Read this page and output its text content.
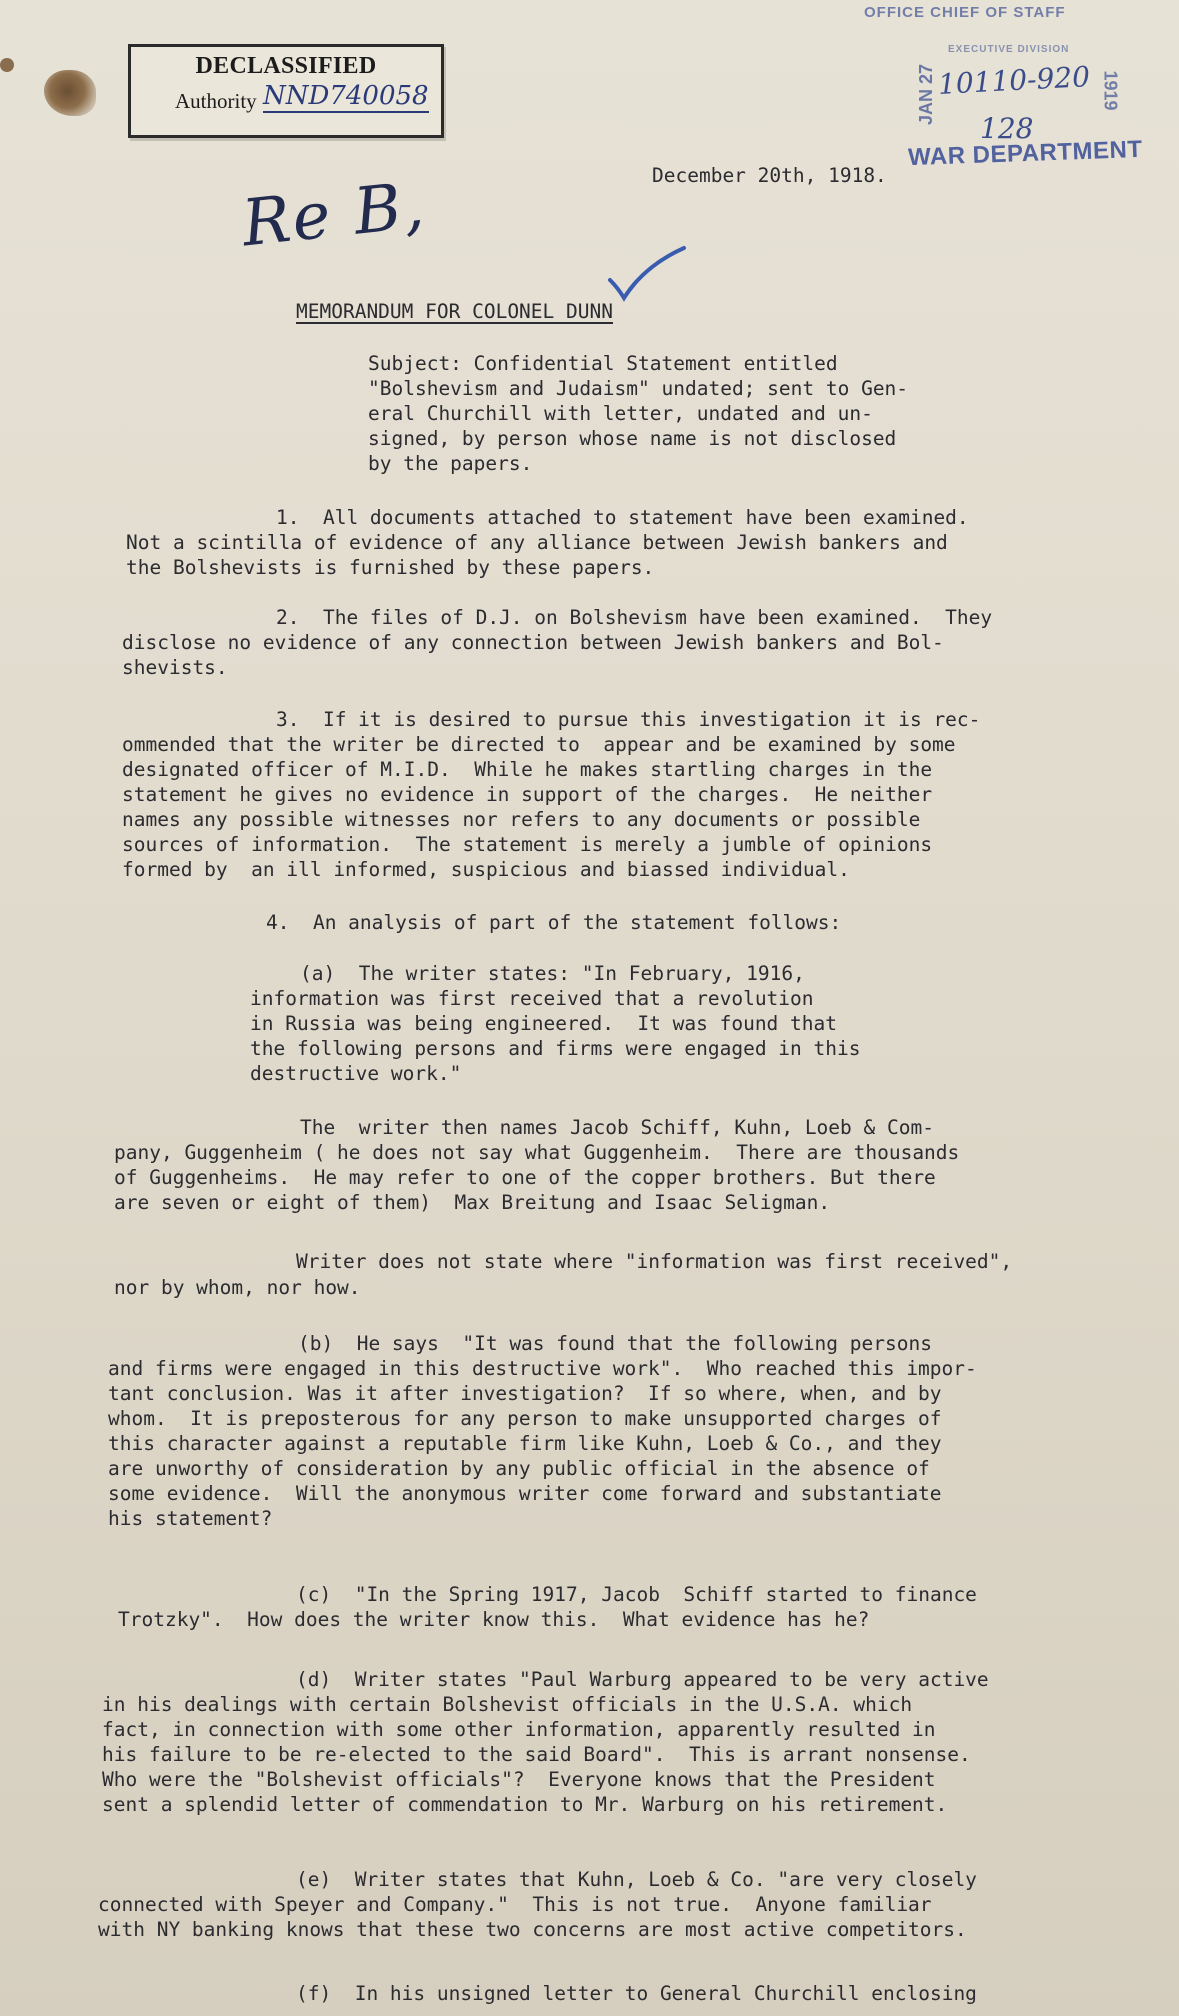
DECLASSIFIED
Authority NND740058
OFFICE CHIEF OF STAFF
EXECUTIVE DIVISION
JAN 27	1919
10110-920
128
WAR DEPARTMENT
December 20th, 1918.
Re B,
MEMORANDUM FOR COLONEL DUNN
Subject: Confidential Statement entitled
"Bolshevism and Judaism" undated; sent to Gen-
eral Churchill with letter, undated and un-
signed, by person whose name is not disclosed
by the papers.
1.  All documents attached to statement have been examined.
Not a scintilla of evidence of any alliance between Jewish bankers and
the Bolshevists is furnished by these papers.
2.  The files of D.J. on Bolshevism have been examined.  They
disclose no evidence of any connection between Jewish bankers and Bol-
shevists.
3.  If it is desired to pursue this investigation it is rec-
ommended that the writer be directed to  appear and be examined by some
designated officer of M.I.D.  While he makes startling charges in the
statement he gives no evidence in support of the charges.  He neither
names any possible witnesses nor refers to any documents or possible
sources of information.  The statement is merely a jumble of opinions
formed by  an ill informed, suspicious and biassed individual.
4.  An analysis of part of the statement follows:
(a)  The writer states: "In February, 1916,
information was first received that a revolution
in Russia was being engineered.  It was found that
the following persons and firms were engaged in this
destructive work."
The  writer then names Jacob Schiff, Kuhn, Loeb & Com-
pany, Guggenheim ( he does not say what Guggenheim.  There are thousands
of Guggenheims.  He may refer to one of the copper brothers. But there
are seven or eight of them)  Max Breitung and Isaac Seligman.
Writer does not state where "information was first received",
nor by whom, nor how.
(b)  He says  "It was found that the following persons
and firms were engaged in this destructive work".  Who reached this impor-
tant conclusion. Was it after investigation?  If so where, when, and by
whom.  It is preposterous for any person to make unsupported charges of
this character against a reputable firm like Kuhn, Loeb & Co., and they
are unworthy of consideration by any public official in the absence of
some evidence.  Will the anonymous writer come forward and substantiate
his statement?
(c)  "In the Spring 1917, Jacob  Schiff started to finance
Trotzky".  How does the writer know this.  What evidence has he?
(d)  Writer states "Paul Warburg appeared to be very active
in his dealings with certain Bolshevist officials in the U.S.A. which
fact, in connection with some other information, apparently resulted in
his failure to be re-elected to the said Board".  This is arrant nonsense.
Who were the "Bolshevist officials"?  Everyone knows that the President
sent a splendid letter of commendation to Mr. Warburg on his retirement.
(e)  Writer states that Kuhn, Loeb & Co. "are very closely
connected with Speyer and Company."  This is not true.  Anyone familiar
with NY banking knows that these two concerns are most active competitors.
(f)  In his unsigned letter to General Churchill enclosing
